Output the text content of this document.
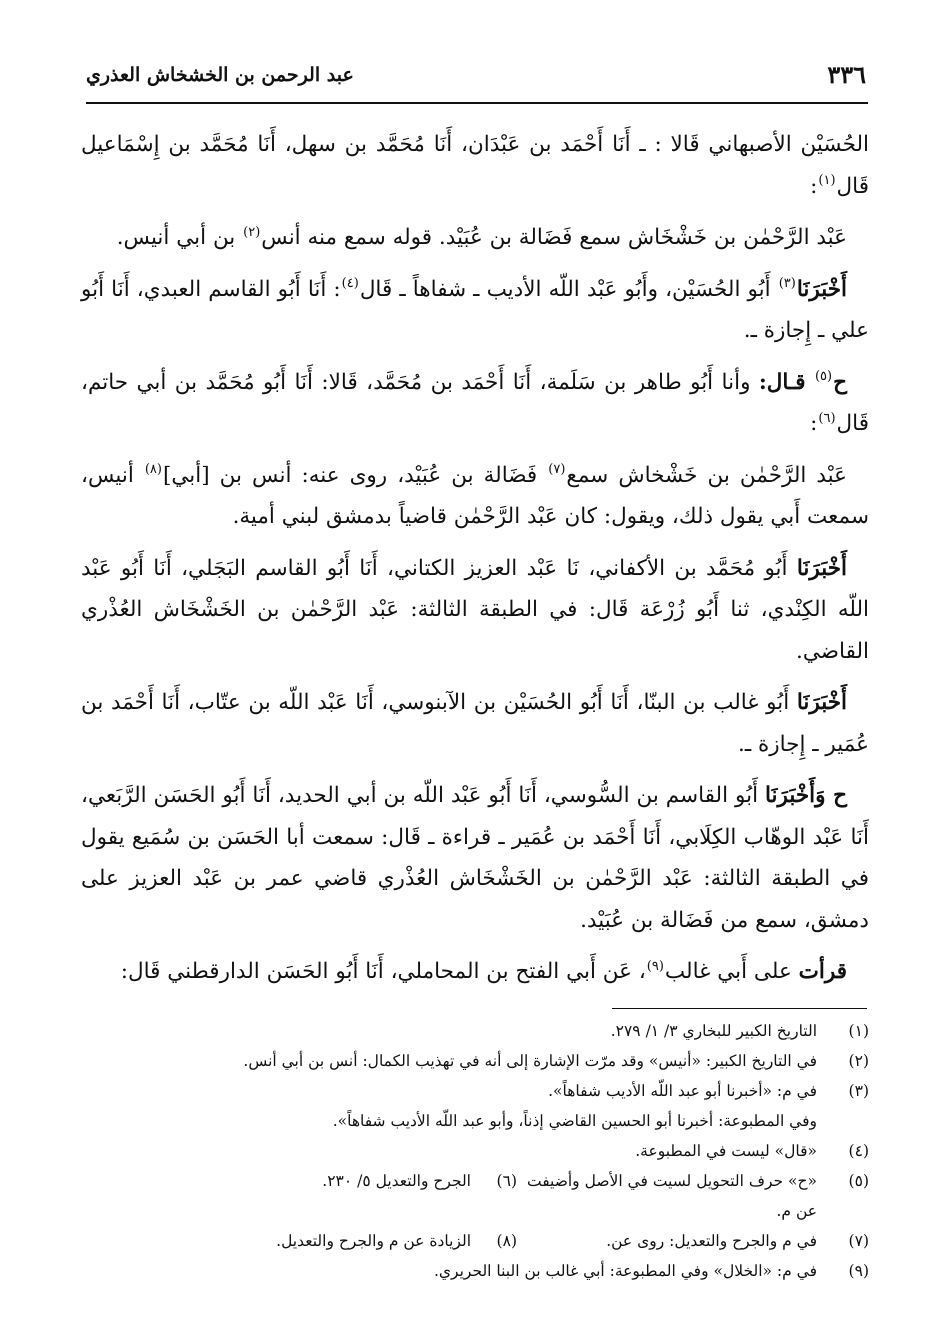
٣٣٦
عبد الرحمن بن الخشخاش العذري

الحُسَيْن الأصبهاني قَالا : ـ أَنَا أَحْمَد بن عَبْدَان، أَنَا مُحَمَّد بن سهل، أَنَا مُحَمَّد بن إِسْمَاعيل قَال$^{(١)}$:

عَبْد الرَّحْمٰن بن خَشْخَاش سمع فَضَالة بن عُبَيْد. قوله سمع منه أنس$^{(٢)}$ بن أبي أنيس.

أَخْبَرَنَا$^{(٣)}$ أَبُو الحُسَيْن، وأَبُو عَبْد اللّه الأديب ـ شفاهاً ـ قَال$^{(٤)}$: أَنَا أَبُو القاسم العبدي، أَنَا أَبُو علي ـ إِجازة ـ.

ح$^{(٥)}$ قـال: وأنا أَبُو طاهر بن سَلَمة، أَنَا أَحْمَد بن مُحَمَّد، قَالا: أَنَا أَبُو مُحَمَّد بن أبي حاتم، قَال$^{(٦)}$:

عَبْد الرَّحْمٰن بن خَشْخاش سمع$^{(٧)}$ فَضَالة بن عُبَيْد، روى عنه: أنس بن [أبي]$^{(٨)}$ أنيس، سمعت أَبي يقول ذلك، ويقول: كان عَبْد الرَّحْمٰن قاضياً بدمشق لبني أمية.

أَخْبَرَنَا أَبُو مُحَمَّد بن الأكفاني، نَا عَبْد العزيز الكتاني، أَنَا أَبُو القاسم البَجَلي، أَنَا أَبُو عَبْد اللّه الكِنْدي، ثنا أَبُو زُرْعَة قَال: في الطبقة الثالثة: عَبْد الرَّحْمٰن بن الخَشْخَاش العُذْري القاضي.

أَخْبَرَنَا أَبُو غالب بن البنّا، أَنَا أَبُو الحُسَيْن بن الآبنوسي، أَنَا عَبْد اللّه بن عتّاب، أَنَا أَحْمَد بن عُمَير ـ إِجازة ـ.

ح وَأَخْبَرَنَا أَبُو القاسم بن السُّوسي، أَنَا أَبُو عَبْد اللّه بن أبي الحديد، أَنَا أَبُو الحَسَن الرَّبَعي، أَنَا عَبْد الوهّاب الكِلَابي، أَنَا أَحْمَد بن عُمَير ـ قراءة ـ قَال: سمعت أبا الحَسَن بن سُمَيع يقول في الطبقة الثالثة: عَبْد الرَّحْمٰن بن الخَشْخَاش العُذْري قاضي عمر بن عَبْد العزيز على دمشق، سمع من فَضَالة بن عُبَيْد.

قرأت على أَبي غالب$^{(٩)}$، عَن أَبي الفتح بن المحاملي، أَنَا أَبُو الحَسَن الدارقطني قَال:

(١)
التاريخ الكبير للبخاري ٣/ ١/ ٢٧٩.
(٢)
في التاريخ الكبير: «أنيس» وقد مرّت الإشارة إلى أنه في تهذيب الكمال: أنس بن أبي أنس.
(٣)
في م: «أخبرنا أبو عبد اللّه الأديب شفاهاً».
وفي المطبوعة: أخبرنا أبو الحسين القاضي إذناً، وأبو عبد اللّه الأديب شفاهاً».
(٤)
«قال» ليست في المطبوعة.
(٥)
«ح» حرف التحويل لسيت في الأصل وأضيفت عن م.
(٦)
الجرح والتعديل ٥/ ٢٣٠.
(٧)
في م والجرح والتعديل: روى عن.
(٨)
الزيادة عن م والجرح والتعديل.
(٩)
في م: «الخلال» وفي المطبوعة: أبي غالب بن البنا الحريري.
